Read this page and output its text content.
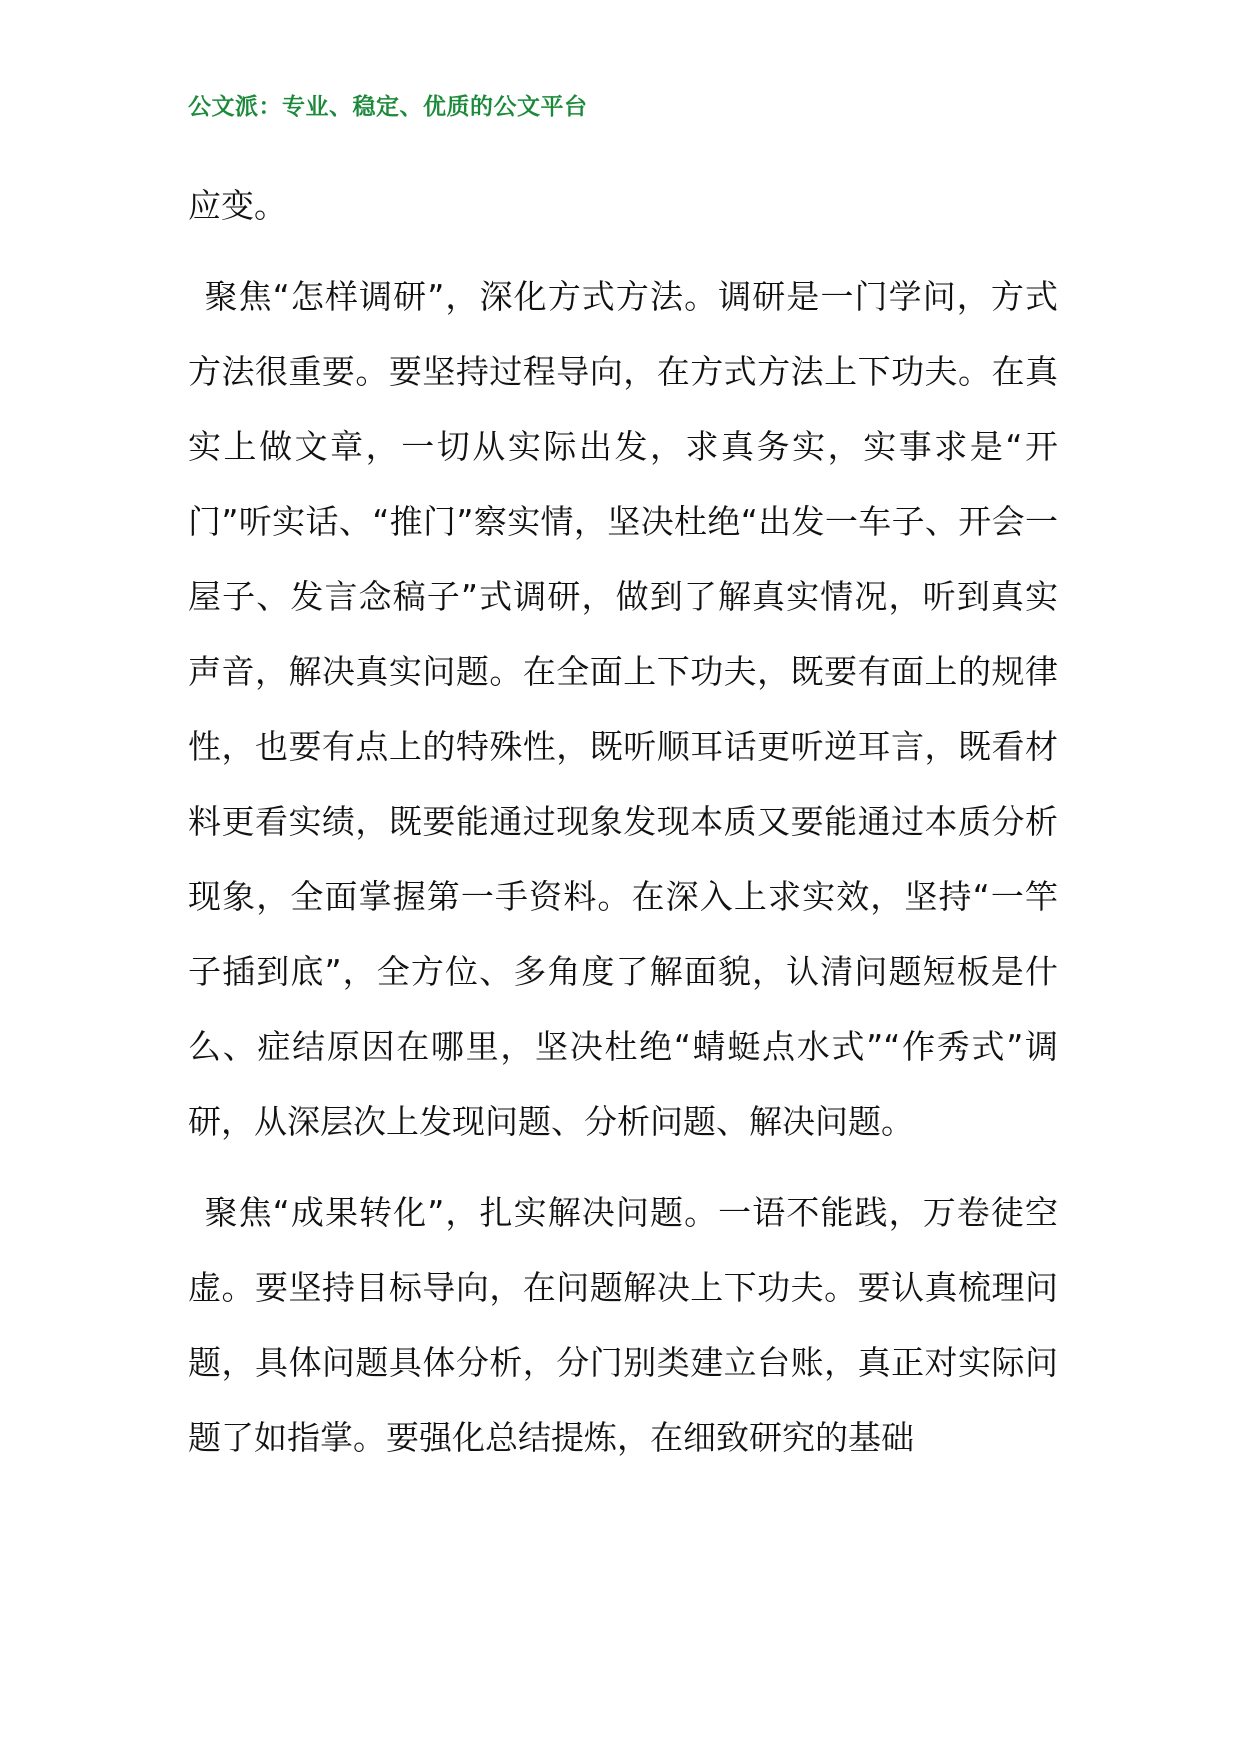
公文派：专业、稳定、优质的公文平台

应变。

聚焦“怎样调研”，深化方式方法。调研是一门学问，方式方法很重要。要坚持过程导向，在方式方法上下功夫。在真实上做文章，一切从实际出发，求真务实，实事求是“开门”听实话、“推门”察实情，坚决杜绝“出发一车子、开会一屋子、发言念稿子”式调研，做到了解真实情况，听到真实声音，解决真实问题。在全面上下功夫，既要有面上的规律性，也要有点上的特殊性，既听顺耳话更听逆耳言，既看材料更看实绩，既要能通过现象发现本质又要能通过本质分析现象，全面掌握第一手资料。在深入上求实效，坚持“一竿子插到底”，全方位、多角度了解面貌，认清问题短板是什么、症结原因在哪里，坚决杜绝“蜻蜓点水式”“作秀式”调研，从深层次上发现问题、分析问题、解决问题。

聚焦“成果转化”，扎实解决问题。一语不能践，万卷徒空虚。要坚持目标导向，在问题解决上下功夫。要认真梳理问题，具体问题具体分析，分门别类建立台账，真正对实际问题了如指掌。要强化总结提炼，在细致研究的基础
